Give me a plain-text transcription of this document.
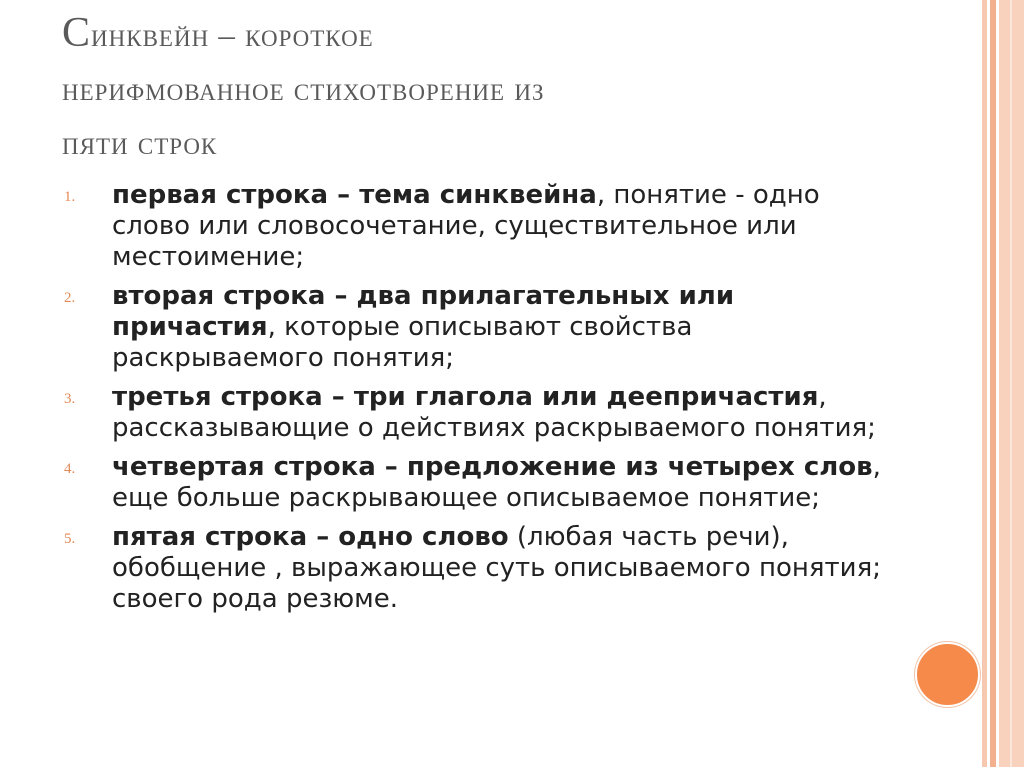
Синквейн – короткое
нерифмованное стихотворение из
пяти строк
1. первая строка – тема синквейна, понятие - одно слово или словосочетание, существительное или местоимение;
2. вторая строка – два прилагательных или причастия, которые описывают свойства раскрываемого понятия;
3. третья строка – три глагола или деепричастия, рассказывающие о действиях раскрываемого понятия;
4. четвертая строка – предложение из четырех слов, еще больше раскрывающее описываемое понятие;
5. пятая строка – одно слово (любая часть речи), обобщение , выражающее суть описываемого понятия; своего рода резюме.
